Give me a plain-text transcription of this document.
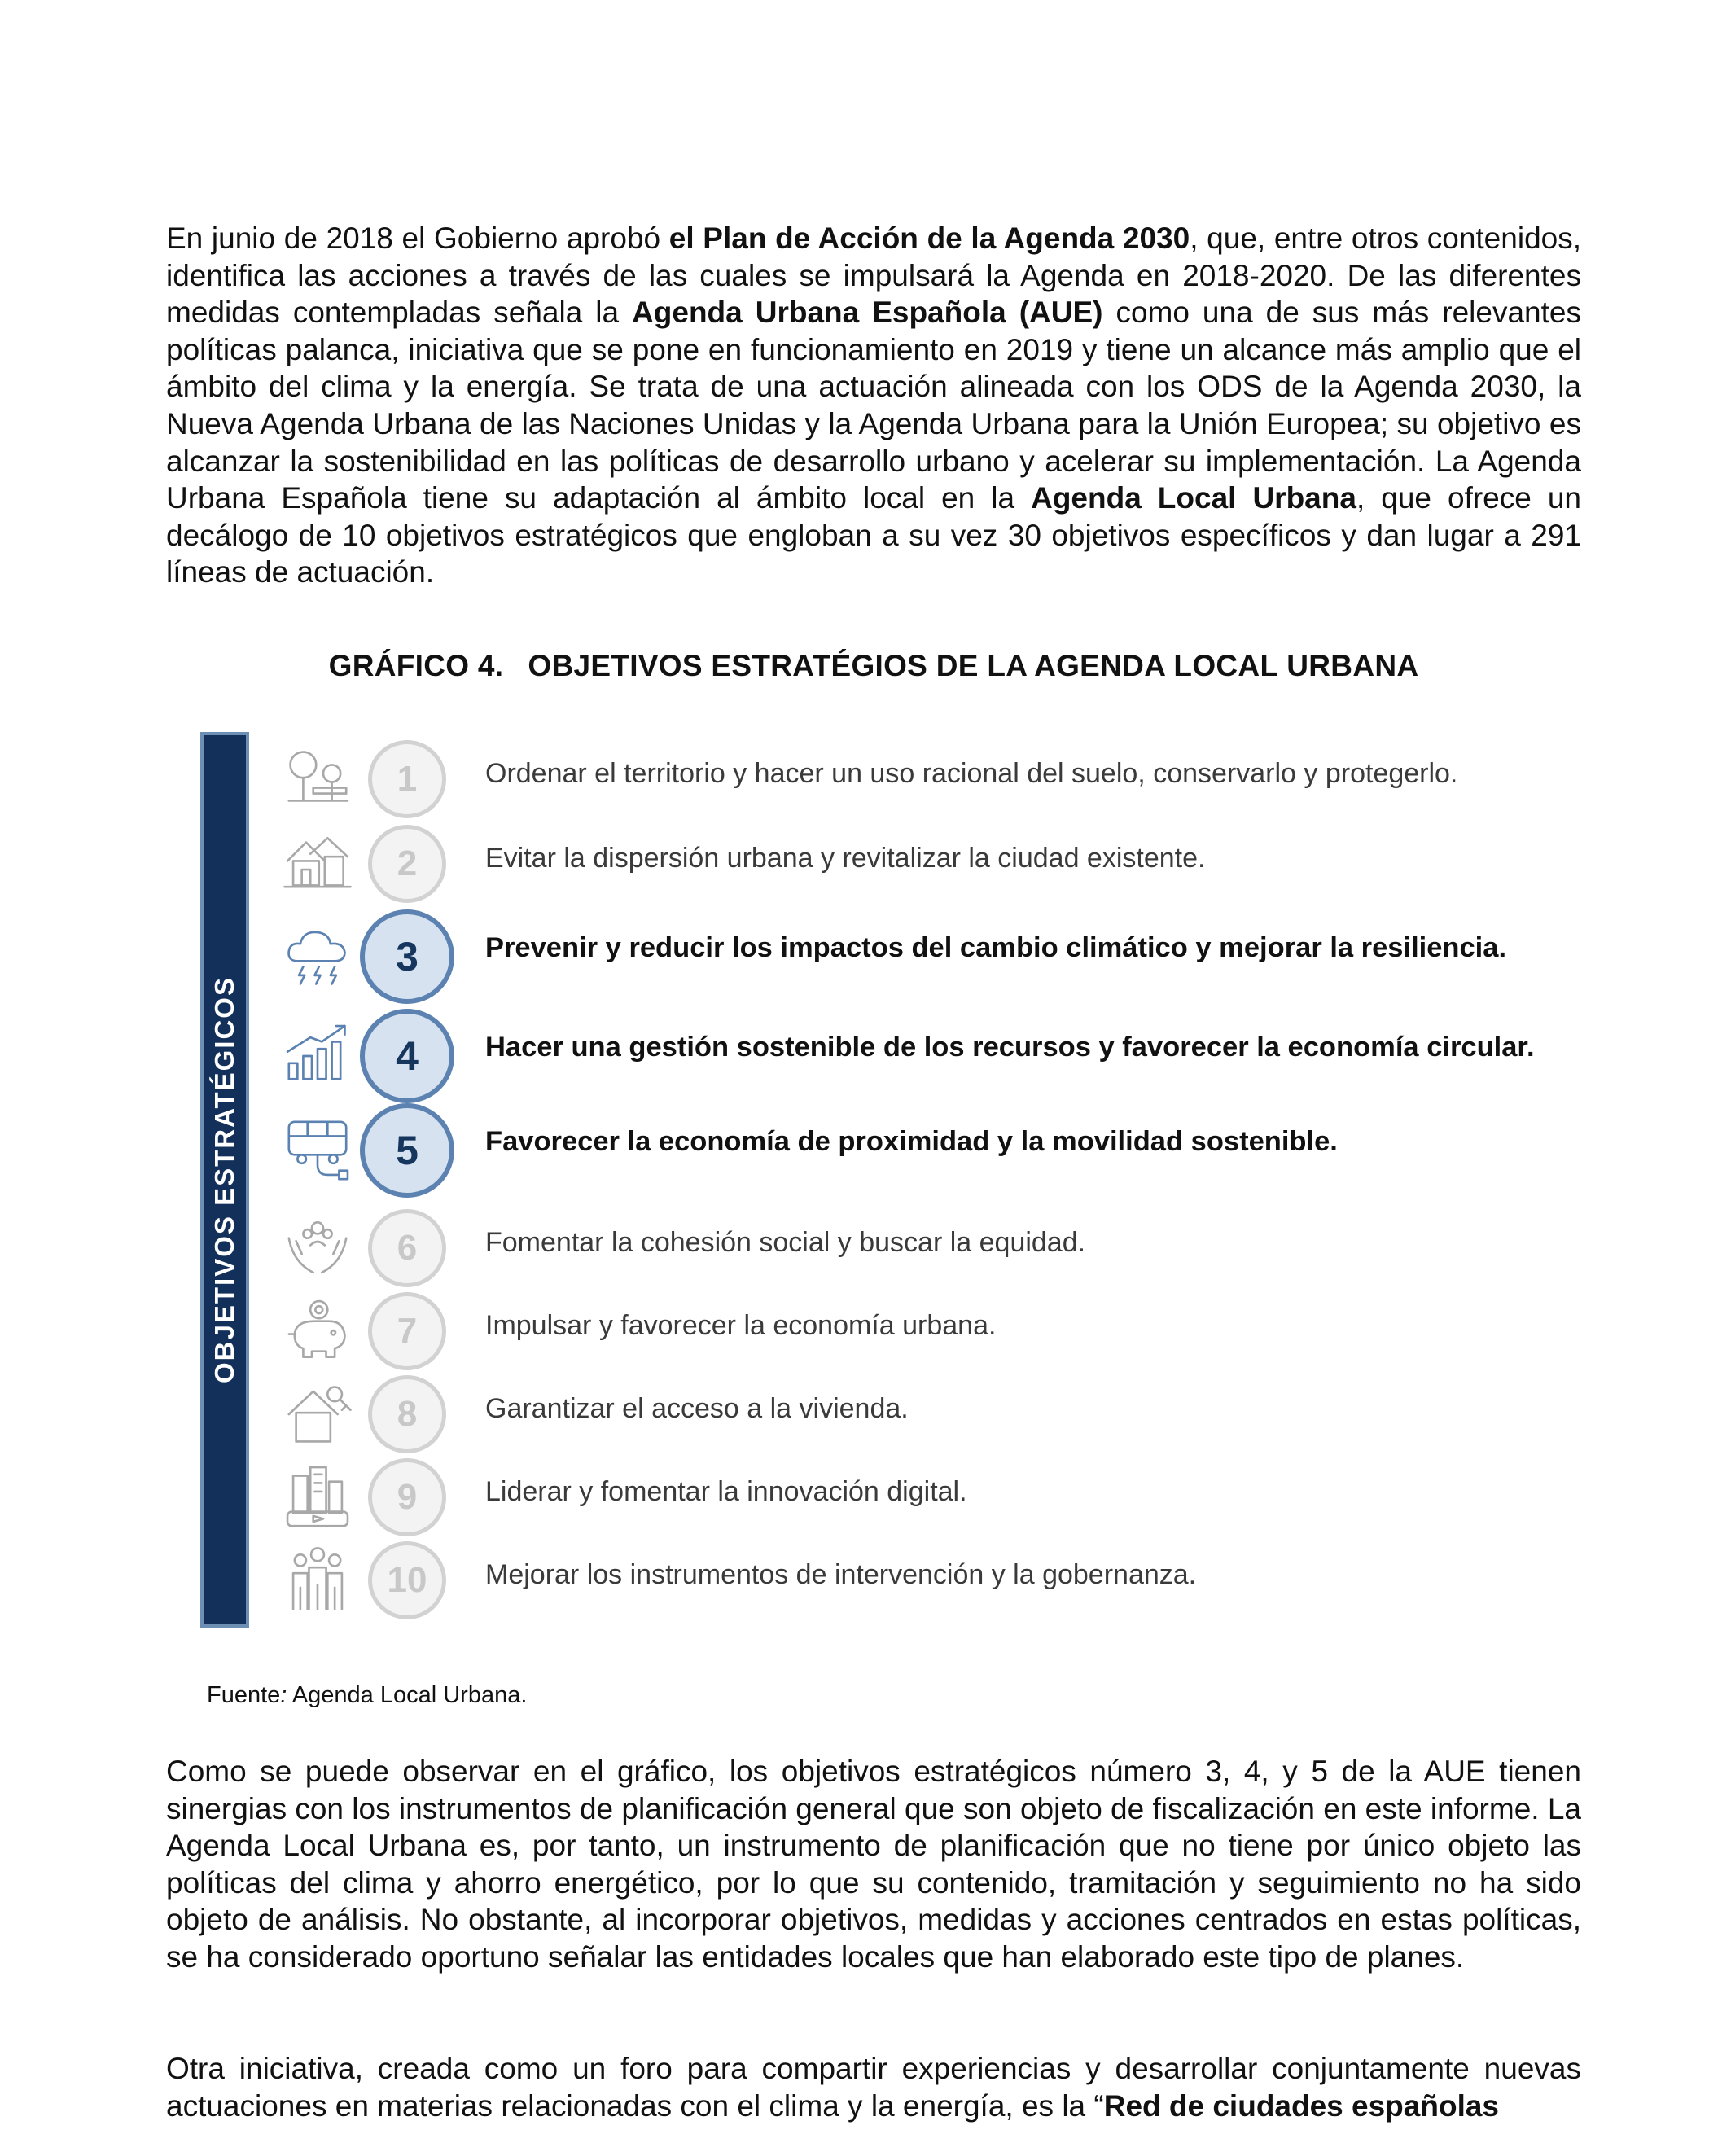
En junio de 2018 el Gobierno aprobó el Plan de Acción de la Agenda 2030, que, entre otros contenidos, identifica las acciones a través de las cuales se impulsará la Agenda en 2018-2020. De las diferentes medidas contempladas señala la Agenda Urbana Española (AUE) como una de sus más relevantes políticas palanca, iniciativa que se pone en funcionamiento en 2019 y tiene un alcance más amplio que el ámbito del clima y la energía. Se trata de una actuación alineada con los ODS de la Agenda 2030, la Nueva Agenda Urbana de las Naciones Unidas y la Agenda Urbana para la Unión Europea; su objetivo es alcanzar la sostenibilidad en las políticas de desarrollo urbano y acelerar su implementación. La Agenda Urbana Española tiene su adaptación al ámbito local en la Agenda Local Urbana, que ofrece un decálogo de 10 objetivos estratégicos que engloban a su vez 30 objetivos específicos y dan lugar a 291 líneas de actuación.
GRÁFICO 4. OBJETIVOS ESTRATÉGIOS DE LA AGENDA LOCAL URBANA
OBJETIVOS ESTRATÉGICOS
1	Ordenar el territorio y hacer un uso racional del suelo, conservarlo y protegerlo.
2	Evitar la dispersión urbana y revitalizar la ciudad existente.
3	Prevenir y reducir los impactos del cambio climático y mejorar la resiliencia.
4	Hacer una gestión sostenible de los recursos y favorecer la economía circular.
5	Favorecer la economía de proximidad y la movilidad sostenible.
6	Fomentar la cohesión social y buscar la equidad.
7	Impulsar y favorecer la economía urbana.
8	Garantizar el acceso a la vivienda.
9	Liderar y fomentar la innovación digital.
10	Mejorar los instrumentos de intervención y la gobernanza.
Fuente: Agenda Local Urbana.
Como se puede observar en el gráfico, los objetivos estratégicos número 3, 4, y 5 de la AUE tienen sinergias con los instrumentos de planificación general que son objeto de fiscalización en este informe. La Agenda Local Urbana es, por tanto, un instrumento de planificación que no tiene por único objeto las políticas del clima y ahorro energético, por lo que su contenido, tramitación y seguimiento no ha sido objeto de análisis. No obstante, al incorporar objetivos, medidas y acciones centrados en estas políticas, se ha considerado oportuno señalar las entidades locales que han elaborado este tipo de planes.
Otra iniciativa, creada como un foro para compartir experiencias y desarrollar conjuntamente nuevas actuaciones en materias relacionadas con el clima y la energía, es la “Red de ciudades españolas
